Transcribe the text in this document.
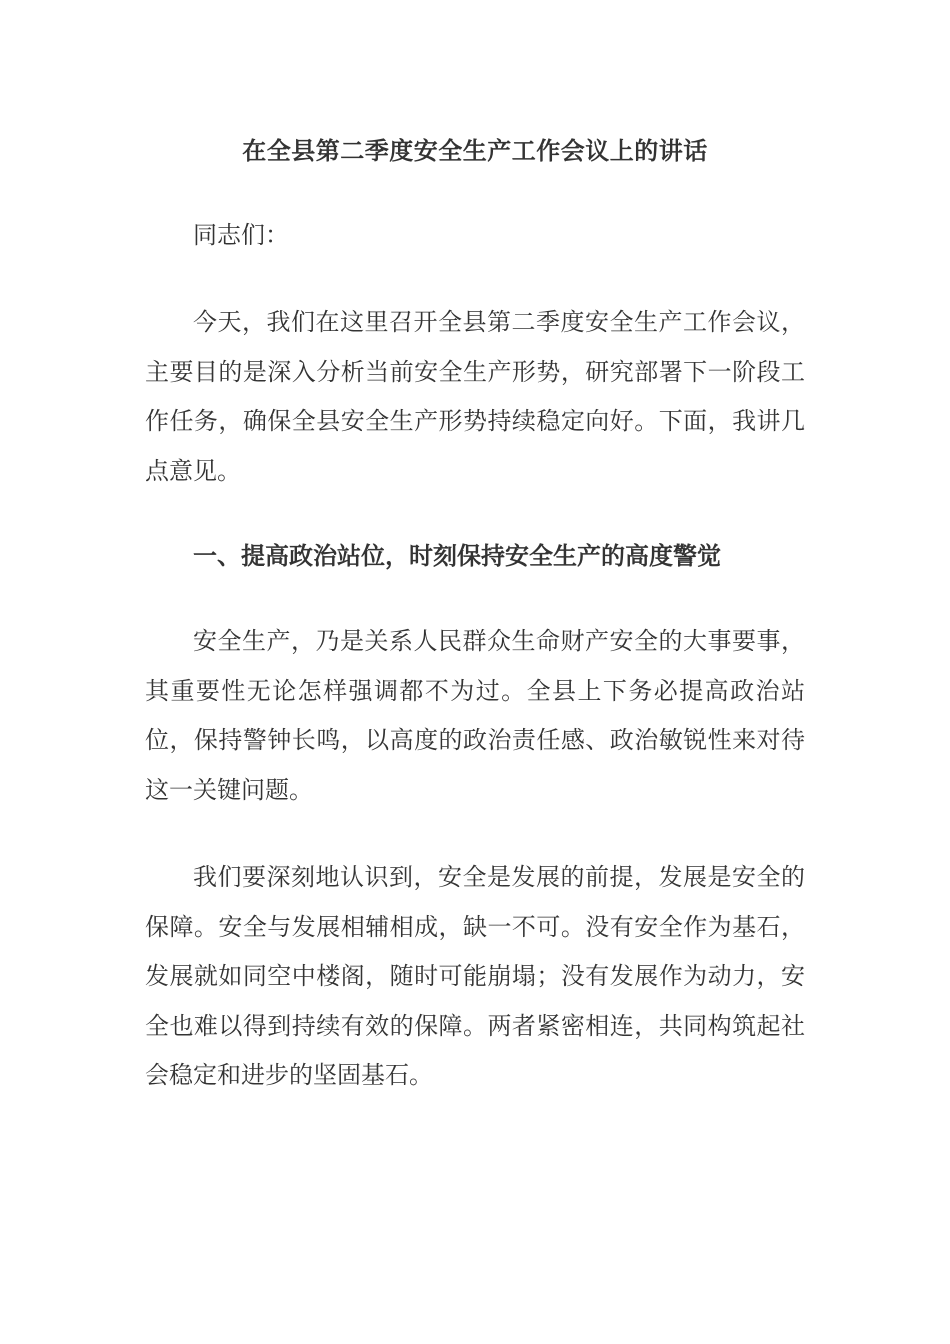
在全县第二季度安全生产工作会议上的讲话

同志们：

今天，我们在这里召开全县第二季度安全生产工作会议，主要目的是深入分析当前安全生产形势，研究部署下一阶段工作任务，确保全县安全生产形势持续稳定向好。下面，我讲几点意见。

一、提高政治站位，时刻保持安全生产的高度警觉

安全生产，乃是关系人民群众生命财产安全的大事要事，其重要性无论怎样强调都不为过。全县上下务必提高政治站位，保持警钟长鸣，以高度的政治责任感、政治敏锐性来对待这一关键问题。

我们要深刻地认识到，安全是发展的前提，发展是安全的保障。安全与发展相辅相成，缺一不可。没有安全作为基石，发展就如同空中楼阁，随时可能崩塌；没有发展作为动力，安全也难以得到持续有效的保障。两者紧密相连，共同构筑起社会稳定和进步的坚固基石。
